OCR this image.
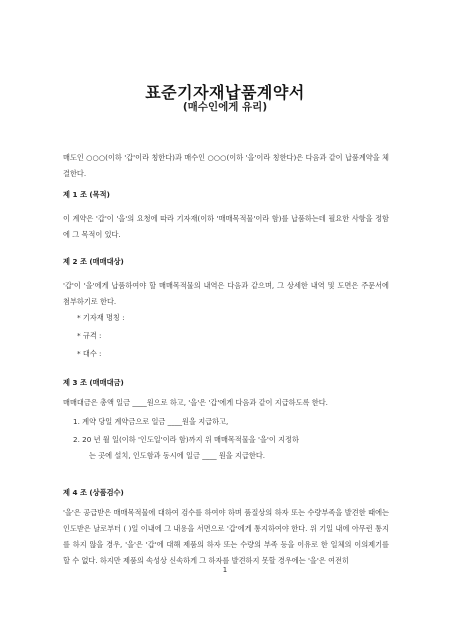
표준기자재납품계약서
(매수인에게 유리)
매도인 ○○○(이하 '갑'이라 칭한다)과 매수인 ○○○(이하 '을'이라 칭한다)은 다음과 같이 납품계약을 체결한다.
제 1 조 (목적)
이 계약은 '갑'이 '을'의 요청에 따라 기자재(이하 '매매목적물'이라 함)를 납품하는데 필요한 사항을 정함에 그 목적이 있다.
제 2 조 (매매대상)
'갑'이 '을'에게 납품하여야 할 매매목적물의 내역은 다음과 같으며, 그 상세한 내역 및 도면은 주문서에 첨부하기로 한다.
* 기자재 명칭 :
* 규격 :
* 대수 :
제 3 조 (매매대금)
매매대금은 총액 일금 ____원으로 하고, '을'은 '갑'에게 다음과 같이 지급하도록 한다.
1. 계약 당일 계약금으로 일금 ____원을 지급하고,
2. 20 년 월 일(이하 '인도일'이라 함)까지 위 매매목적물을 '을'이 지정하
는 곳에 설치, 인도함과 동시에 일금 ____ 원을 지급한다.
제 4 조 (상품검수)
'을'은 공급받은 매매목적물에 대하여 검수를 하여야 하며 품질상의 하자 또는 수량부족을 발견한 때에는 인도받은 날로부터 ( )일 이내에 그 내용을 서면으로 '갑'에게 통지하여야 한다. 위 기일 내에 아무런 통지를 하지 않을 경우, '을'은 '갑'에 대해 제품의 하자 또는 수량의 부족 등을 이유로 한 일체의 이의제기를 할 수 없다. 하지만 제품의 속성상 신속하게 그 하자를 발견하지 못할 경우에는 '을'은 여전히
1
